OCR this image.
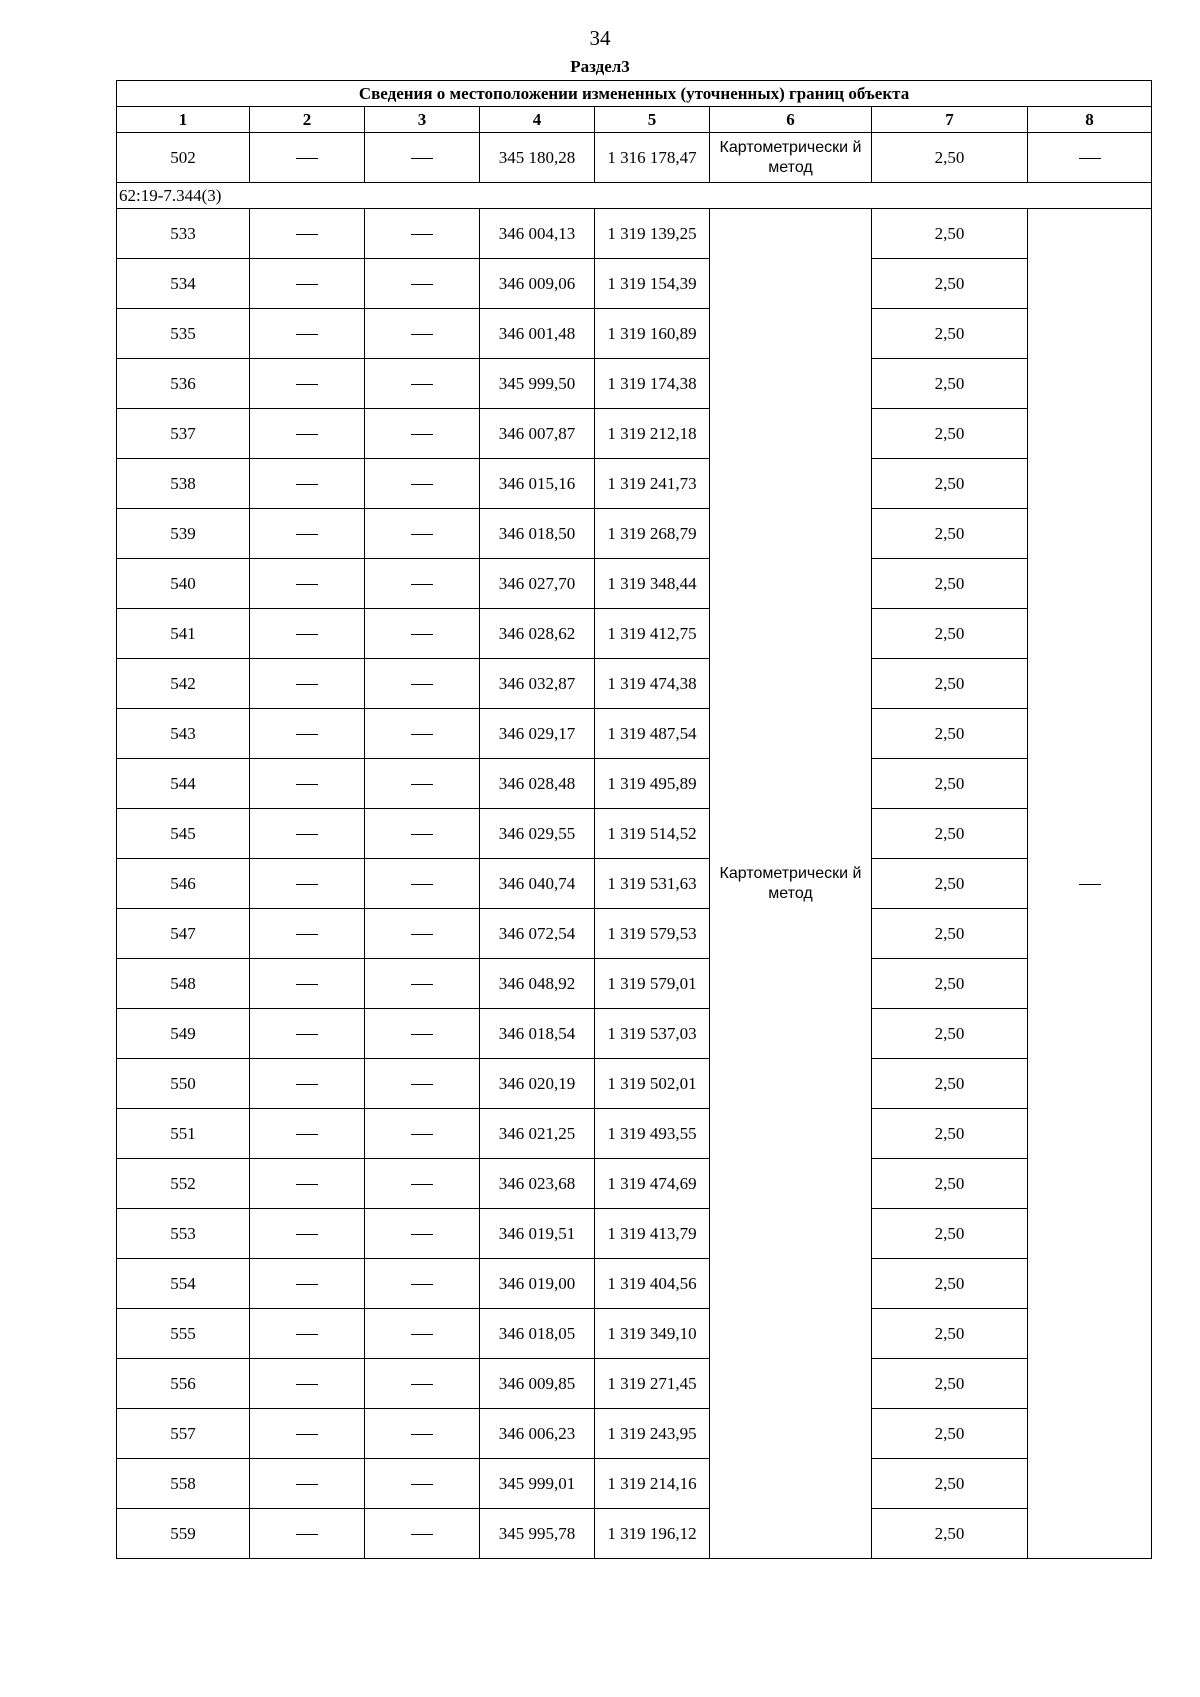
34
Раздел3
Сведения о местоположении измененных (уточненных) границ объекта							
1	2	3	4	5	6	7	8
502			345 180,28	1 316 178,47	Картометрически й метод	2,50	
62:19-7.344(3)							
533			346 004,13	1 319 139,25	Картометрически й метод	2,50	
534			346 009,06	1 319 154,39		2,50	
535			346 001,48	1 319 160,89		2,50	
536			345 999,50	1 319 174,38		2,50	
537			346 007,87	1 319 212,18		2,50	
538			346 015,16	1 319 241,73		2,50	
539			346 018,50	1 319 268,79		2,50	
540			346 027,70	1 319 348,44		2,50	
541			346 028,62	1 319 412,75		2,50	
542			346 032,87	1 319 474,38		2,50	
543			346 029,17	1 319 487,54		2,50	
544			346 028,48	1 319 495,89		2,50	
545			346 029,55	1 319 514,52		2,50	
546			346 040,74	1 319 531,63		2,50	
547			346 072,54	1 319 579,53		2,50	
548			346 048,92	1 319 579,01		2,50	
549			346 018,54	1 319 537,03		2,50	
550			346 020,19	1 319 502,01		2,50	
551			346 021,25	1 319 493,55		2,50	
552			346 023,68	1 319 474,69		2,50	
553			346 019,51	1 319 413,79		2,50	
554			346 019,00	1 319 404,56		2,50	
555			346 018,05	1 319 349,10		2,50	
556			346 009,85	1 319 271,45		2,50	
557			346 006,23	1 319 243,95		2,50	
558			345 999,01	1 319 214,16		2,50	
559			345 995,78	1 319 196,12		2,50	
